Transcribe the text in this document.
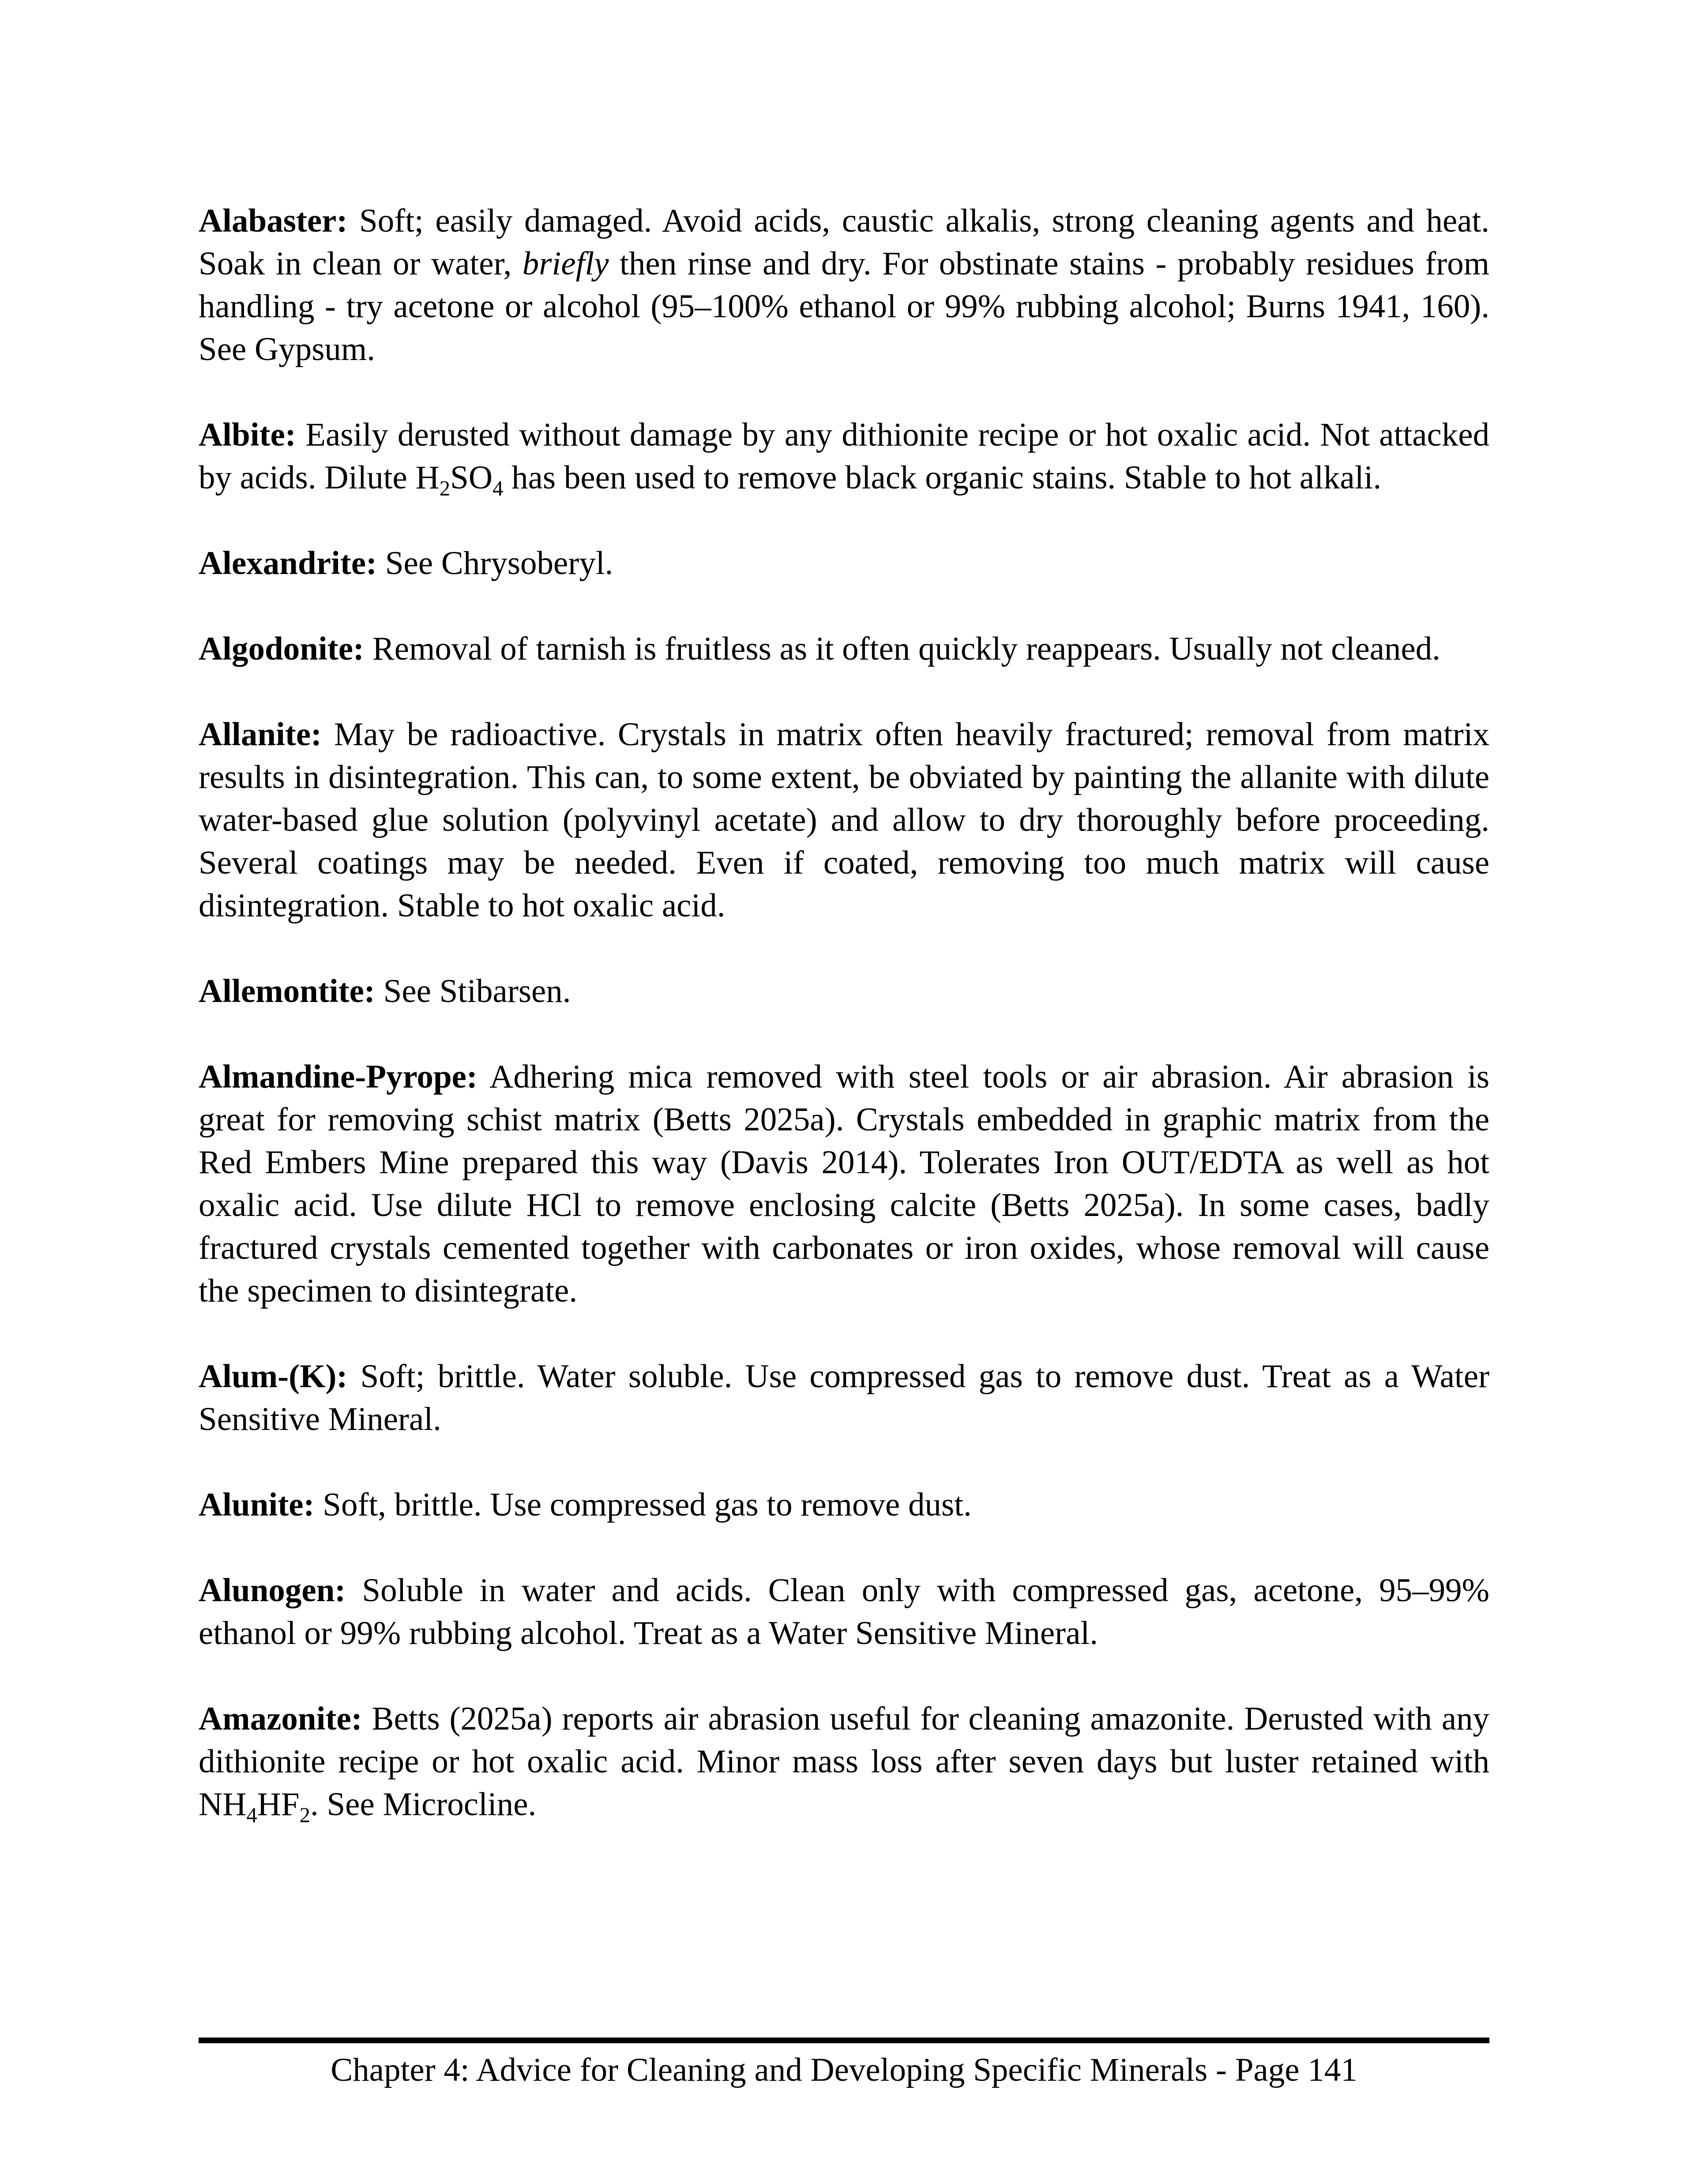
Alabaster: Soft; easily damaged. Avoid acids, caustic alkalis, strong cleaning agents and heat. Soak in clean or water, briefly then rinse and dry. For obstinate stains - probably residues from handling - try acetone or alcohol (95–100% ethanol or 99% rubbing alcohol; Burns 1941, 160). See Gypsum.

Albite: Easily derusted without damage by any dithionite recipe or hot oxalic acid. Not attacked by acids. Dilute $H_2SO_4$ has been used to remove black organic stains. Stable to hot alkali.

Alexandrite: See Chrysoberyl.

Algodonite: Removal of tarnish is fruitless as it often quickly reappears. Usually not cleaned.

Allanite: May be radioactive. Crystals in matrix often heavily fractured; removal from matrix results in disintegration. This can, to some extent, be obviated by painting the allanite with dilute water-based glue solution (polyvinyl acetate) and allow to dry thoroughly before proceeding. Several coatings may be needed. Even if coated, removing too much matrix will cause disintegration. Stable to hot oxalic acid.

Allemontite: See Stibarsen.

Almandine-Pyrope: Adhering mica removed with steel tools or air abrasion. Air abrasion is great for removing schist matrix (Betts 2025a). Crystals embedded in graphic matrix from the Red Embers Mine prepared this way (Davis 2014). Tolerates Iron OUT/EDTA as well as hot oxalic acid. Use dilute HCl to remove enclosing calcite (Betts 2025a). In some cases, badly fractured crystals cemented together with carbonates or iron oxides, whose removal will cause the specimen to disintegrate.

Alum-(K): Soft; brittle. Water soluble. Use compressed gas to remove dust. Treat as a Water Sensitive Mineral.

Alunite: Soft, brittle. Use compressed gas to remove dust.

Alunogen: Soluble in water and acids. Clean only with compressed gas, acetone, 95–99% ethanol or 99% rubbing alcohol. Treat as a Water Sensitive Mineral.

Amazonite: Betts (2025a) reports air abrasion useful for cleaning amazonite. Derusted with any dithionite recipe or hot oxalic acid. Minor mass loss after seven days but luster retained with $NH_4HF_2$. See Microcline.

Chapter 4: Advice for Cleaning and Developing Specific Minerals - Page 141
